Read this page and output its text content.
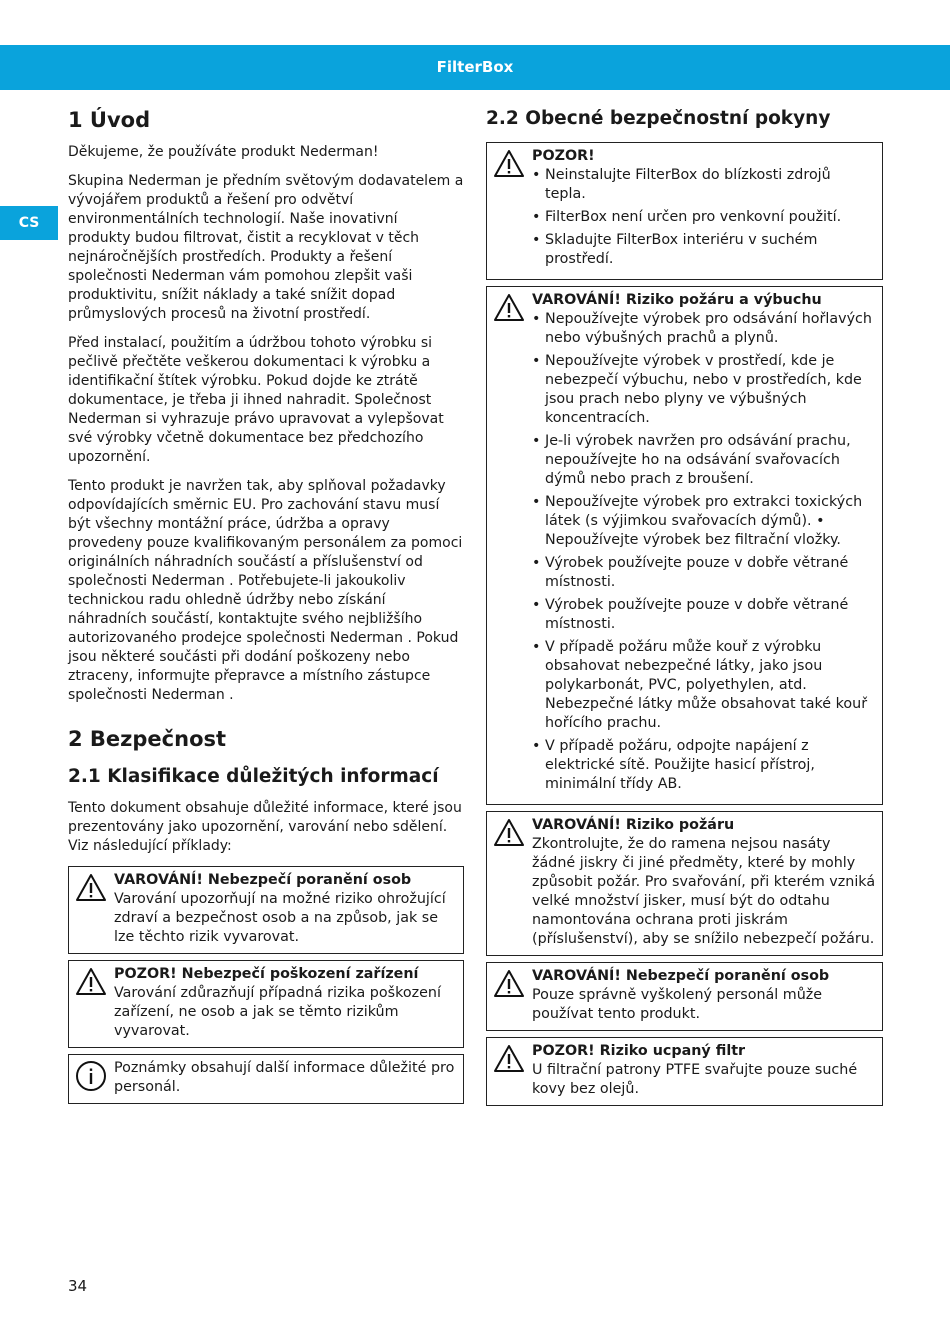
FilterBox
CS
1 Úvod

Děkujeme, že používáte produkt Nederman!

Skupina Nederman je předním světovým dodavatelem a vývojářem produktů a řešení pro odvětví environmentálních technologií. Naše inovativní produkty budou filtrovat, čistit a recyklovat v těch nejnáročnějších prostředích. Produkty a řešení společnosti Nederman vám pomohou zlepšit vaši produktivitu, snížit náklady a také snížit dopad průmyslových procesů na životní prostředí.

Před instalací, použitím a údržbou tohoto výrobku si pečlivě přečtěte veškerou dokumentaci k výrobku a identifikační štítek výrobku. Pokud dojde ke ztrátě dokumentace, je třeba ji ihned nahradit. Společnost Nederman si vyhrazuje právo upravovat a vylepšovat své výrobky včetně dokumentace bez předchozího upozornění.

Tento produkt je navržen tak, aby splňoval požadavky odpovídajících směrnic EU. Pro zachování stavu musí být všechny montážní práce, údržba a opravy provedeny pouze kvalifikovaným personálem za pomoci originálních náhradních součástí a příslušenství od společnosti Nederman . Potřebujete-li jakoukoliv technickou radu ohledně údržby nebo získání náhradních součástí, kontaktujte svého nejbližšího autorizovaného prodejce společnosti Nederman . Pokud jsou některé součásti při dodání poškozeny nebo ztraceny, informujte přepravce a místního zástupce společnosti Nederman .

2 Bezpečnost
2.1 Klasifikace důležitých informací

Tento dokument obsahuje důležité informace, které jsou prezentovány jako upozornění, varování nebo sdělení. Viz následující příklady:

VAROVÁNÍ! Nebezpečí poranění osob
Varování upozorňují na možné riziko ohrožující zdraví a bezpečnost osob a na způsob, jak se lze těchto rizik vyvarovat.
POZOR! Nebezpečí poškození zařízení
Varování zdůrazňují případná rizika poškození zařízení, ne osob a jak se těmto rizikům vyvarovat.
Poznámky obsahují další informace důležité pro personál.
2.2 Obecné bezpečnostní pokyny
POZOR!
• Neinstalujte FilterBox do blízkosti zdrojů tepla.
• FilterBox není určen pro venkovní použití.
• Skladujte FilterBox interiéru v suchém prostředí.
VAROVÁNÍ! Riziko požáru a výbuchu
• Nepoužívejte výrobek pro odsávání hořlavých nebo výbušných prachů a plynů.
• Nepoužívejte výrobek v prostředí, kde je nebezpečí výbuchu, nebo v prostředích, kde jsou prach nebo plyny ve výbušných koncentracích.
• Je-li výrobek navržen pro odsávání prachu, nepoužívejte ho na odsávání svařovacích dýmů nebo prach z broušení.
• Nepoužívejte výrobek pro extrakci toxických látek (s výjimkou svařovacích dýmů). • Nepoužívejte výrobek bez filtrační vložky.
• Výrobek používejte pouze v dobře větrané místnosti.
• Výrobek používejte pouze v dobře větrané místnosti.
• V případě požáru může kouř z výrobku obsahovat nebezpečné látky, jako jsou polykarbonát, PVC, polyethylen, atd. Nebezpečné látky může obsahovat také kouř hořícího prachu.
• V případě požáru, odpojte napájení z elektrické sítě. Použijte hasicí přístroj, minimální třídy AB.
VAROVÁNÍ! Riziko požáru
Zkontrolujte, že do ramena nejsou nasáty žádné jiskry či jiné předměty, které by mohly způsobit požár. Pro svařování, při kterém vzniká velké množství jisker, musí být do odtahu namontována ochrana proti jiskrám (příslušenství), aby se snížilo nebezpečí požáru.
VAROVÁNÍ! Nebezpečí poranění osob
Pouze správně vyškolený personál může používat tento produkt.
POZOR! Riziko ucpaný filtr
U filtrační patrony PTFE svařujte pouze suché kovy bez olejů.
34
